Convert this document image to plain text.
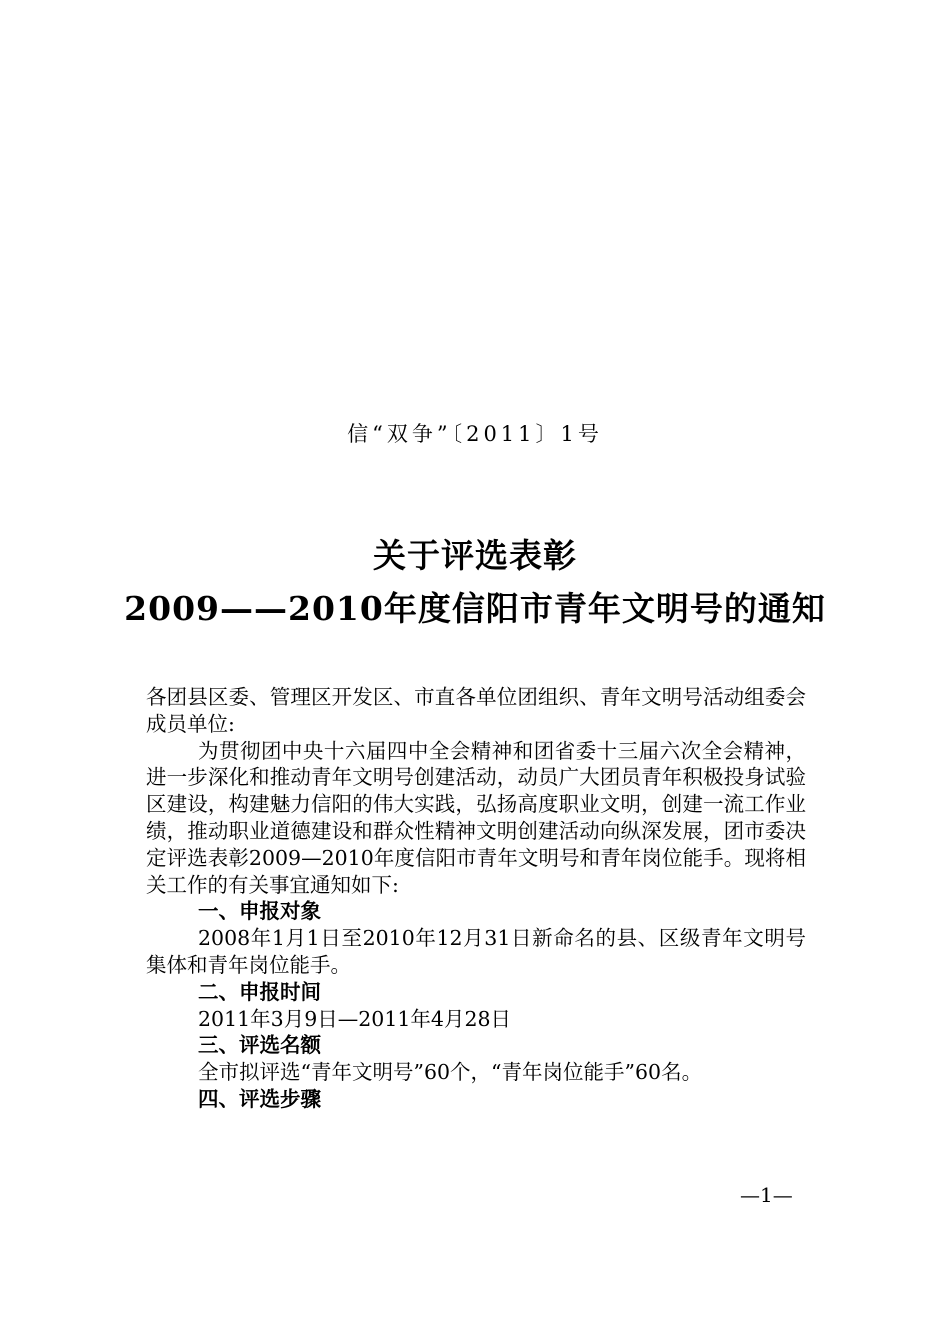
信“双争”〔2011〕1号
关于评选表彰
2009——2010年度信阳市青年文明号的通知

各团县区委、管理区开发区、市直各单位团组织、青年文明号活动组委会成员单位:

为贯彻团中央十六届四中全会精神和团省委十三届六次全会精神，进一步深化和推动青年文明号创建活动，动员广大团员青年积极投身试验区建设，构建魅力信阳的伟大实践，弘扬高度职业文明，创建一流工作业绩，推动职业道德建设和群众性精神文明创建活动向纵深发展，团市委决定评选表彰2009—2010年度信阳市青年文明号和青年岗位能手。现将相关工作的有关事宜通知如下:

一、申报对象

2008年1月1日至2010年12月31日新命名的县、区级青年文明号集体和青年岗位能手。

二、申报时间

2011年3月9日—2011年4月28日

三、评选名额

全市拟评选“青年文明号”60个，“青年岗位能手”60名。

四、评选步骤

—1—
